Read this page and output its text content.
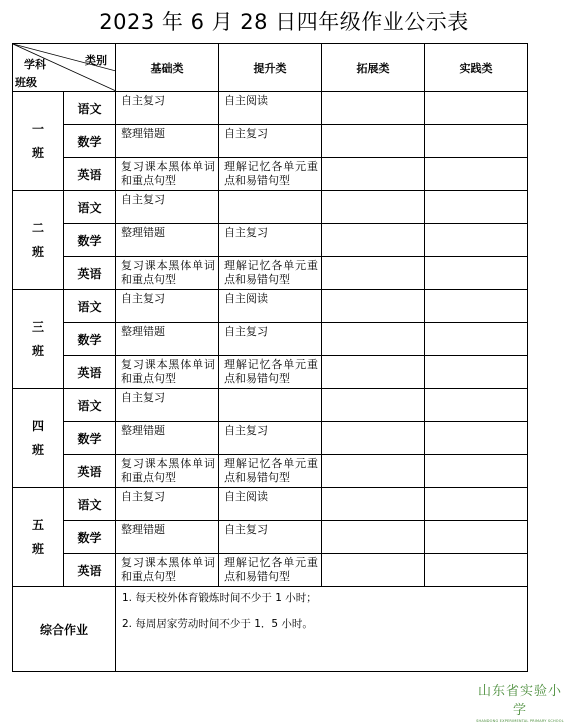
2023 年 6 月 28 日四年级作业公示表
类别
学科
班级		基础类	提升类	拓展类	实践类
一
班	语文	自主复习	自主阅读		

	数学	整理错题	自主复习		

	英语	复习课本黑体单词和重点句型	理解记忆各单元重点和易错句型		

二
班	语文	自主复习			

	数学	整理错题	自主复习		

	英语	复习课本黑体单词和重点句型	理解记忆各单元重点和易错句型		

三
班	语文	自主复习	自主阅读		

	数学	整理错题	自主复习		

	英语	复习课本黑体单词和重点句型	理解记忆各单元重点和易错句型		

四
班	语文	自主复习			

	数学	整理错题	自主复习		

	英语	复习课本黑体单词和重点句型	理解记忆各单元重点和易错句型		

五
班	语文	自主复习	自主阅读		

	数学	整理错题	自主复习		

	英语	复习课本黑体单词和重点句型	理解记忆各单元重点和易错句型		

综合作业		1. 每天校外体育锻炼时间不少于 1 小时；
2. 每周居家劳动时间不少于 1．5 小时。			
山东省实验小学
SHANDONG EXPERIMENTAL PRIMARY SCHOOL
